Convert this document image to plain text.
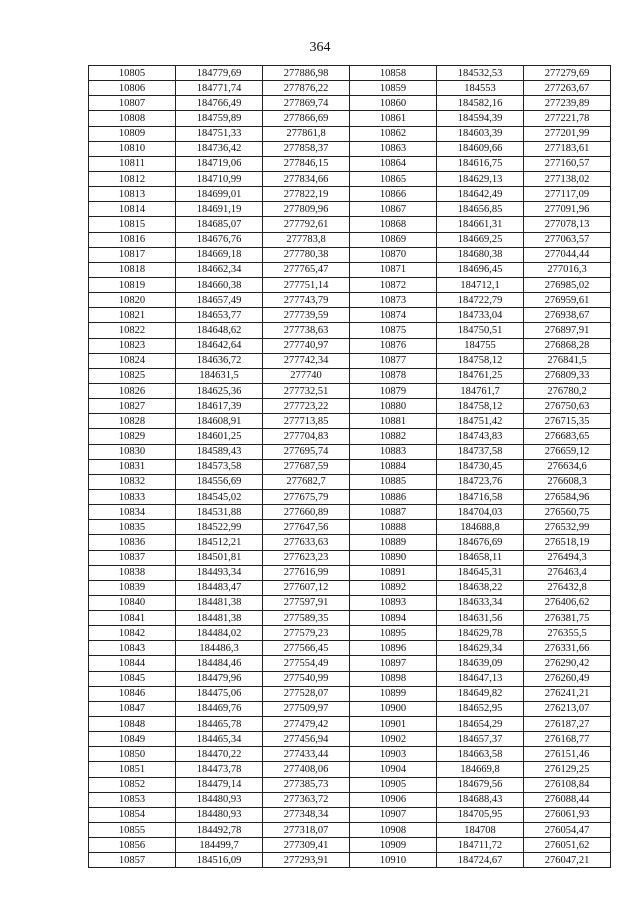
364
10805	184779,69	277886,98	10858	184532,53	277279,69
10806	184771,74	277876,22	10859	184553	277263,67
10807	184766,49	277869,74	10860	184582,16	277239,89
10808	184759,89	277866,69	10861	184594,39	277221,78
10809	184751,33	277861,8	10862	184603,39	277201,99
10810	184736,42	277858,37	10863	184609,66	277183,61
10811	184719,06	277846,15	10864	184616,75	277160,57
10812	184710,99	277834,66	10865	184629,13	277138,02
10813	184699,01	277822,19	10866	184642,49	277117,09
10814	184691,19	277809,96	10867	184656,85	277091,96
10815	184685,07	277792,61	10868	184661,31	277078,13
10816	184676,76	277783,8	10869	184669,25	277063,57
10817	184669,18	277780,38	10870	184680,38	277044,44
10818	184662,34	277765,47	10871	184696,45	277016,3
10819	184660,38	277751,14	10872	184712,1	276985,02
10820	184657,49	277743,79	10873	184722,79	276959,61
10821	184653,77	277739,59	10874	184733,04	276938,67
10822	184648,62	277738,63	10875	184750,51	276897,91
10823	184642,64	277740,97	10876	184755	276868,28
10824	184636,72	277742,34	10877	184758,12	276841,5
10825	184631,5	277740	10878	184761,25	276809,33
10826	184625,36	277732,51	10879	184761,7	276780,2
10827	184617,39	277723,22	10880	184758,12	276750,63
10828	184608,91	277713,85	10881	184751,42	276715,35
10829	184601,25	277704,83	10882	184743,83	276683,65
10830	184589,43	277695,74	10883	184737,58	276659,12
10831	184573,58	277687,59	10884	184730,45	276634,6
10832	184556,69	277682,7	10885	184723,76	276608,3
10833	184545,02	277675,79	10886	184716,58	276584,96
10834	184531,88	277660,89	10887	184704,03	276560,75
10835	184522,99	277647,56	10888	184688,8	276532,99
10836	184512,21	277633,63	10889	184676,69	276518,19
10837	184501,81	277623,23	10890	184658,11	276494,3
10838	184493,34	277616,99	10891	184645,31	276463,4
10839	184483,47	277607,12	10892	184638,22	276432,8
10840	184481,38	277597,91	10893	184633,34	276406,62
10841	184481,38	277589,35	10894	184631,56	276381,75
10842	184484,02	277579,23	10895	184629,78	276355,5
10843	184486,3	277566,45	10896	184629,34	276331,66
10844	184484,46	277554,49	10897	184639,09	276290,42
10845	184479,96	277540,99	10898	184647,13	276260,49
10846	184475,06	277528,07	10899	184649,82	276241,21
10847	184469,76	277509,97	10900	184652,95	276213,07
10848	184465,78	277479,42	10901	184654,29	276187,27
10849	184465,34	277456,94	10902	184657,37	276168,77
10850	184470,22	277433,44	10903	184663,58	276151,46
10851	184473,78	277408,06	10904	184669,8	276129,25
10852	184479,14	277385,73	10905	184679,56	276108,84
10853	184480,93	277363,72	10906	184688,43	276088,44
10854	184480,93	277348,34	10907	184705,95	276061,93
10855	184492,78	277318,07	10908	184708	276054,47
10856	184499,7	277309,41	10909	184711,72	276051,62
10857	184516,09	277293,91	10910	184724,67	276047,21
